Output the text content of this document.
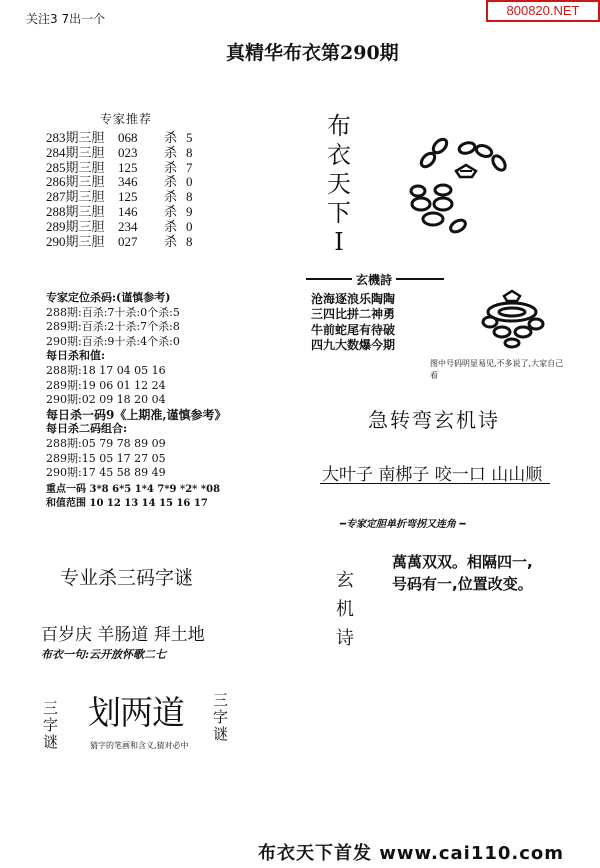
关注3 7出一个
800820.NET
真精华布衣第290期
专家推荐
283期三胆 068 杀 5
284期三胆 023 杀 8
285期三胆 125 杀 7
286期三胆 346 杀 0
287期三胆 125 杀 8
288期三胆 146 杀 9
289期三胆 234 杀 0
290期三胆 027 杀 8
专家定位杀码:(谨慎参考)
288期:百杀:7十杀:0个杀:5
289期:百杀:2十杀:7个杀:8
290期:百杀:9十杀:4个杀:0
每日杀和值:
288期:18 17 04 05 16
289期:19 06 01 12 24
290期:02 09 18 20 04
每日杀一码9《上期准,谨慎参考》
每日杀二码组合:
288期:05 79 78 89 09
289期:15 05 17 27 05
290期:17 45 58 89 49
重点一码 3*8 6*5 1*4 7*9 *2* *08
和值范围 10 12 13 14 15 16 17
专业杀三码字谜
百岁庆 羊肠道 拜土地
布衣一句:云开放怀歌二七
三字谜 划两道 三字谜
猜字的笔画和含义,猜对必中
布衣天下I
玄機詩
沧海逐浪乐陶陶
三四比拼二神勇
牛前蛇尾有待破
四九大数爆今期
图中号码明显易见,不多说了,大家自己看
急转弯玄机诗
大叶子 南梆子 咬一口 山山顺
━专家定胆单折弯拐又连角 ━
玄机诗
萬萬双双。相隔四一,
号码有一,位置改变。
布衣天下首发 www.cai110.com
